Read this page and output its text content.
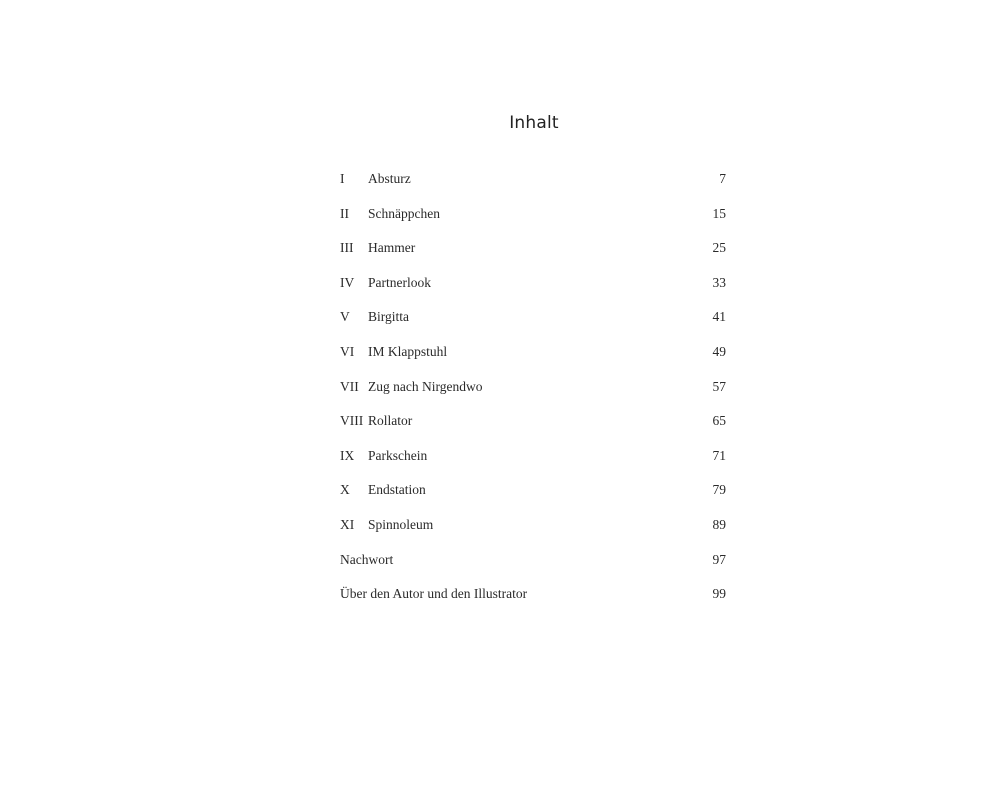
Inhalt
I Absturz	7
II Schnäppchen	15
III Hammer	25
IV Partnerlook	33
V Birgitta	41
VI IM Klappstuhl	49
VII Zug nach Nirgendwo	57
VIII Rollator	65
IX Parkschein	71
X Endstation	79
XI Spinnoleum	89
Nachwort	97
Über den Autor und den Illustrator	99
